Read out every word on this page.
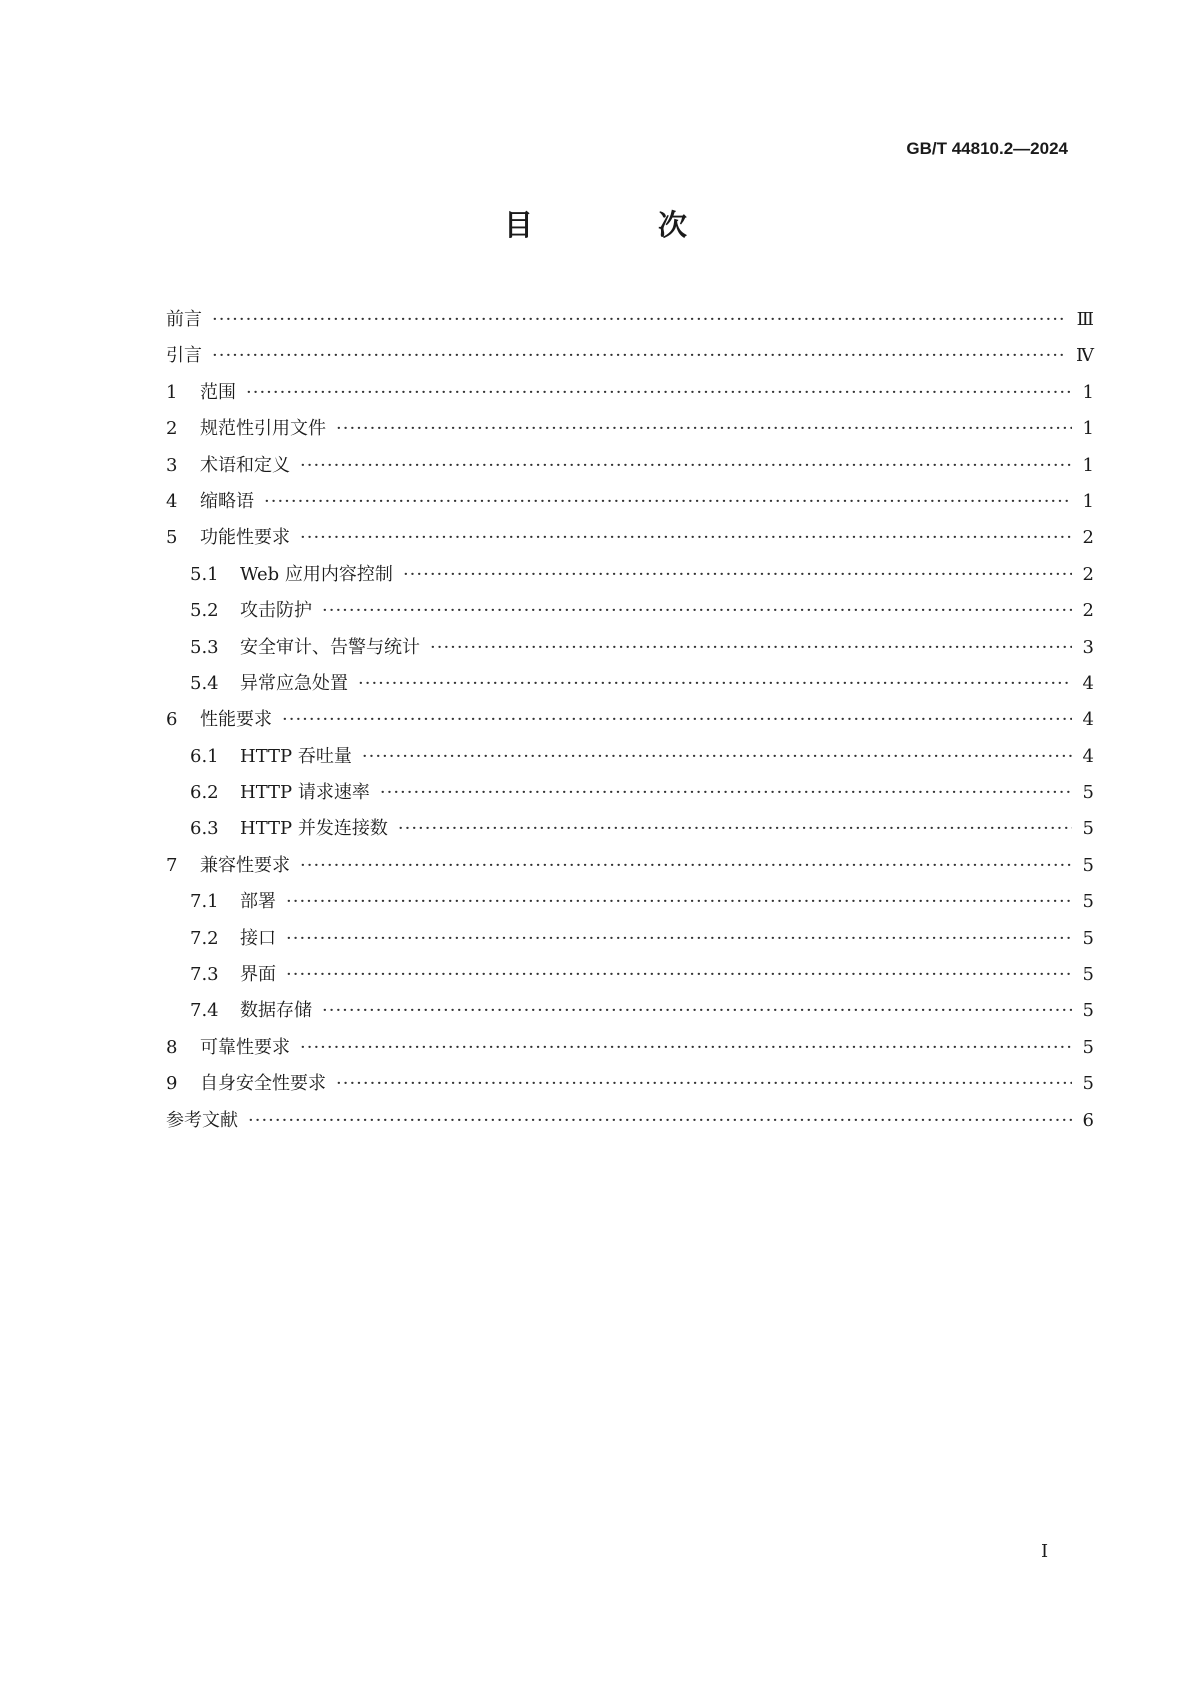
GB/T 44810.2—2024
目　次
前言 ·····	Ⅲ
引言 ·····	Ⅳ
1	范围 ·····	1
2	规范性引用文件 ·····	1
3	术语和定义 ·····	1
4	缩略语 ·····	1
5	功能性要求 ·····	2
5.1	Web 应用内容控制 ·····	2
5.2	攻击防护 ·····	2
5.3	安全审计、告警与统计 ·····	3
5.4	异常应急处置 ·····	4
6	性能要求 ·····	4
6.1	HTTP 吞吐量 ·····	4
6.2	HTTP 请求速率 ·····	5
6.3	HTTP 并发连接数 ·····	5
7	兼容性要求 ·····	5
7.1	部署 ·····	5
7.2	接口 ·····	5
7.3	界面 ·····	5
7.4	数据存储 ·····	5
8	可靠性要求 ·····	5
9	自身安全性要求 ·····	5
参考文献 ·····	6
Ⅰ
